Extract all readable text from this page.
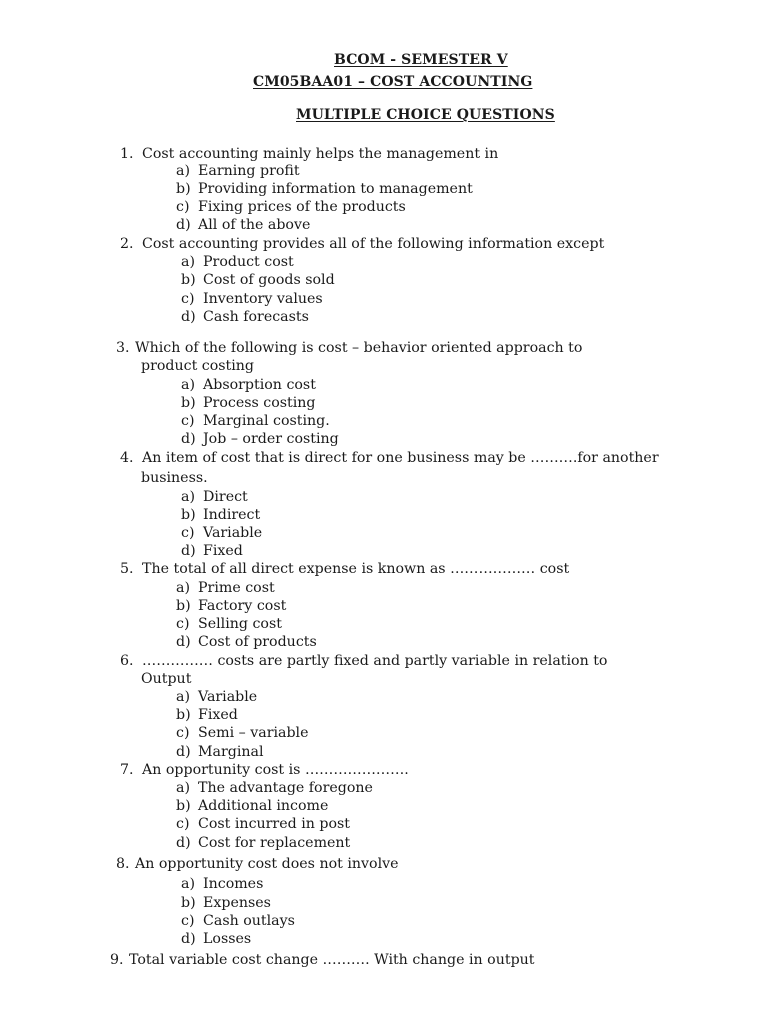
BCOM - SEMESTER V
CM05BAA01 – COST ACCOUNTING
MULTIPLE CHOICE QUESTIONS
1. Cost accounting mainly helps the management in
a) Earning profit
b) Providing information to management
c) Fixing prices of the products
d) All of the above
2. Cost accounting provides all of the following information except
a) Product cost
b) Cost of goods sold
c) Inventory values
d) Cash forecasts
3. Which of the following is cost – behavior oriented approach to
product costing
a) Absorption cost
b) Process costing
c) Marginal costing.
d) Job – order costing
4. An item of cost that is direct for one business may be ……….for another
business.
a) Direct
b) Indirect
c) Variable
d) Fixed
5. The total of all direct expense is known as ……………… cost
a) Prime cost
b) Factory cost
c) Selling cost
d) Cost of products
6. …………… costs are partly fixed and partly variable in relation to
Output
a) Variable
b) Fixed
c) Semi – variable
d) Marginal
7. An opportunity cost is ………………….
a) The advantage foregone
b) Additional income
c) Cost incurred in post
d) Cost for replacement
8. An opportunity cost does not involve
a) Incomes
b) Expenses
c) Cash outlays
d) Losses
9. Total variable cost change ………. With change in output
